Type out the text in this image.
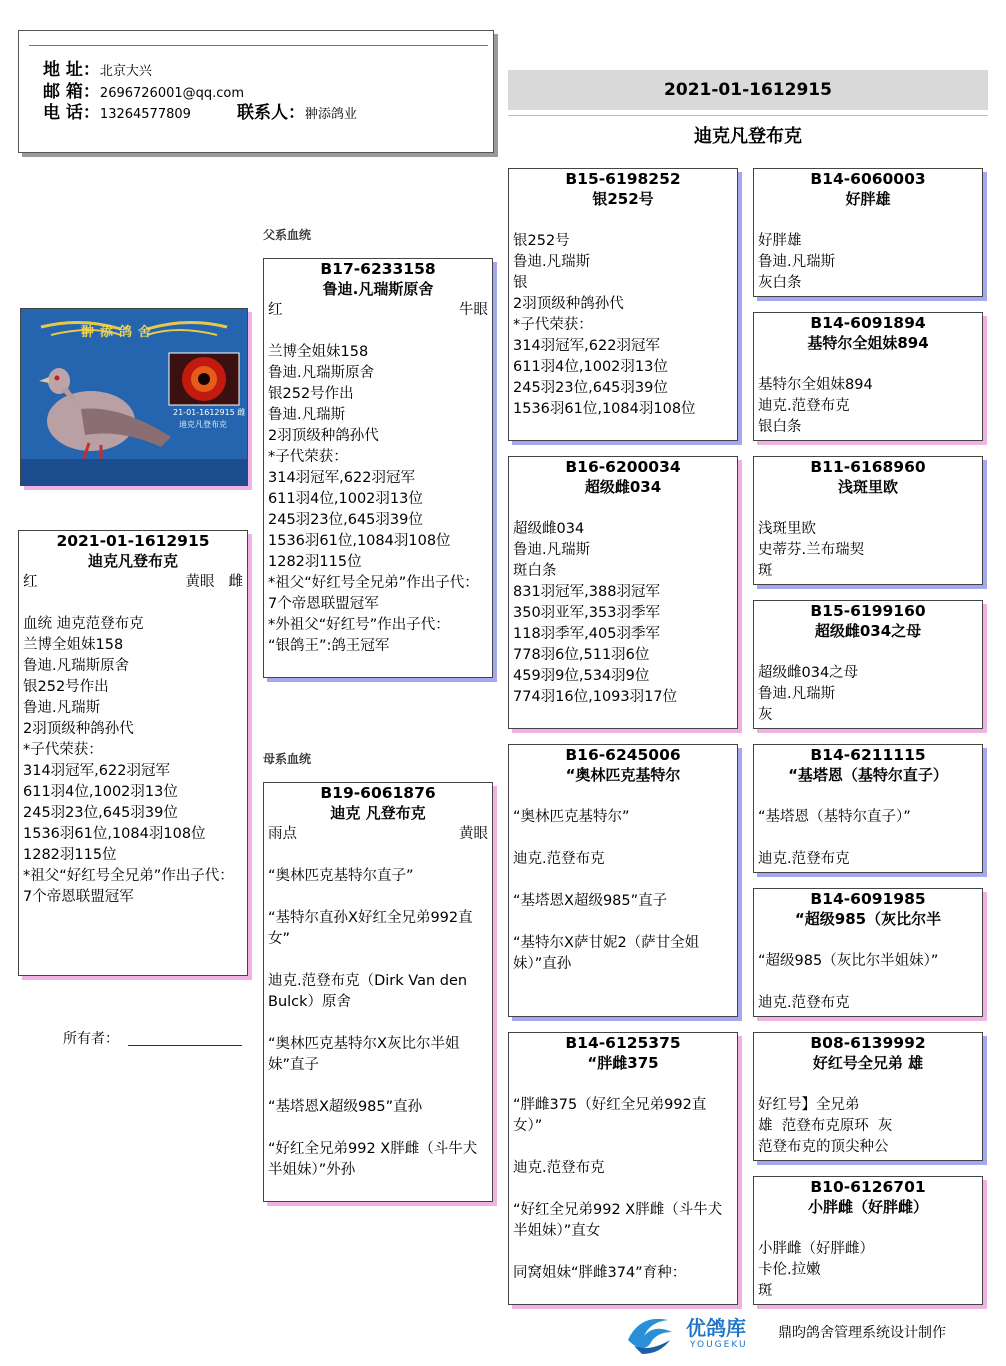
地 址：北京大兴
邮 箱：2696726001@qq.com
电 话：13264577809	联系人：翀添鸽业
2021-01-1612915
迪克凡登布克
翀添鸽舍
21-01-1612915 雌
迪克凡登布克
2021-01-1612915
迪克凡登布克
红	黄眼 雌

血统 迪克范登布克
兰博全姐妹158
鲁迪.凡瑞斯原舍
银252号作出
鲁迪.凡瑞斯
2羽顶级种鸽孙代
*子代荣获：
314羽冠军,622羽冠军
611羽4位,1002羽13位
245羽23位,645羽39位
1536羽61位,1084羽108位
1282羽115位
*祖父“好红号全兄弟”作出子代：
7个帝恩联盟冠军
所有者：
父系血统
母系血统
B17-6233158
鲁迪.凡瑞斯原舍
红	牛眼

兰博全姐妹158
鲁迪.凡瑞斯原舍
银252号作出
鲁迪.凡瑞斯
2羽顶级种鸽孙代
*子代荣获：
314羽冠军,622羽冠军
611羽4位,1002羽13位
245羽23位,645羽39位
1536羽61位,1084羽108位
1282羽115位
*祖父“好红号全兄弟”作出子代：
7个帝恩联盟冠军
*外祖父“好红号”作出子代：
“银鸽王”:鸽王冠军
B19-6061876
迪克 凡登布克
雨点	黄眼

“奥林匹克基特尔直子”

“基特尔直孙X好红全兄弟992直女”

迪克.范登布克（Dirk Van den Bulck）原舍

“奥林匹克基特尔X灰比尔半姐妹”直子

“基塔恩X超级985”直孙

“好红全兄弟992 X胖雌（斗牛犬半姐妹）”外孙
B15-6198252
银252号

银252号
鲁迪.凡瑞斯
银
2羽顶级种鸽孙代
*子代荣获：
314羽冠军,622羽冠军
611羽4位,1002羽13位
245羽23位,645羽39位
1536羽61位,1084羽108位
B16-6200034
超级雌034

超级雌034
鲁迪.凡瑞斯
斑白条
831羽冠军,388羽冠军
350羽亚军,353羽季军
118羽季军,405羽季军
778羽6位,511羽6位
459羽9位,534羽9位
774羽16位,1093羽17位
B16-6245006
“奥林匹克基特尔

“奥林匹克基特尔”

迪克.范登布克

“基塔恩X超级985”直子

“基特尔X萨甘妮2（萨甘全姐妹）”直孙
B14-6125375
“胖雌375

“胖雌375（好红全兄弟992直女）”

迪克.范登布克

“好红全兄弟992 X胖雌（斗牛犬半姐妹）”直女

同窝姐妹“胖雌374”育种：
B14-6060003
好胖雄

好胖雄
鲁迪.凡瑞斯
灰白条
B14-6091894
基特尔全姐妹894

基特尔全姐妹894
迪克.范登布克
银白条
B11-6168960
浅斑里欧

浅斑里欧
史蒂芬.兰布瑞契
斑
B15-6199160
超级雌034之母

超级雌034之母
鲁迪.凡瑞斯
灰
B14-6211115
“基塔恩（基特尔直子）

“基塔恩（基特尔直子）”

迪克.范登布克
B14-6091985
“超级985（灰比尔半

“超级985（灰比尔半姐妹）”

迪克.范登布克
B08-6139992
好红号全兄弟 雄

好红号】全兄弟
雄  范登布克原环  灰
范登布克的顶尖种公
B10-6126701
小胖雌（好胖雌）

小胖雌（好胖雌）
卡伦.拉嫩
斑
优鸽库
YOUGEKU
鼎昀鸽舍管理系统设计制作
